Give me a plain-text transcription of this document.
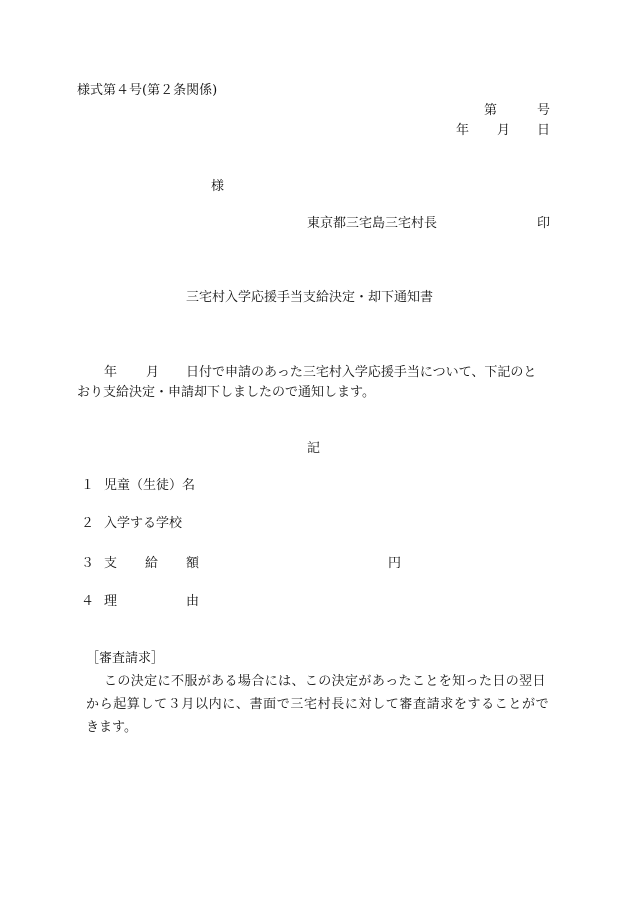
様式第４号(第２条関係)
第	号
年 月 日
様
東京都三宅島三宅村長	印
三宅村入学応援手当支給決定・却下通知書
年 月 日付で申請のあった三宅村入学応援手当について、下記のと
おり支給決定・申請却下しましたので通知します。
記
１ 児童（生徒）名
２ 入学する学校
３ 支 給 額	円
４ 理	由
［審査請求］
こ の 決 定 に 不 服 が あ る 場 合 に は 、 こ の 決 定 が あ っ た こ と を 知 っ た 日 の 翌 日
か ら 起 算 し て ３ 月 以 内 に 、 書 面 で 三 宅 村 長 に 対 し て 審 査 請 求 を す る こ と が で
きます。
